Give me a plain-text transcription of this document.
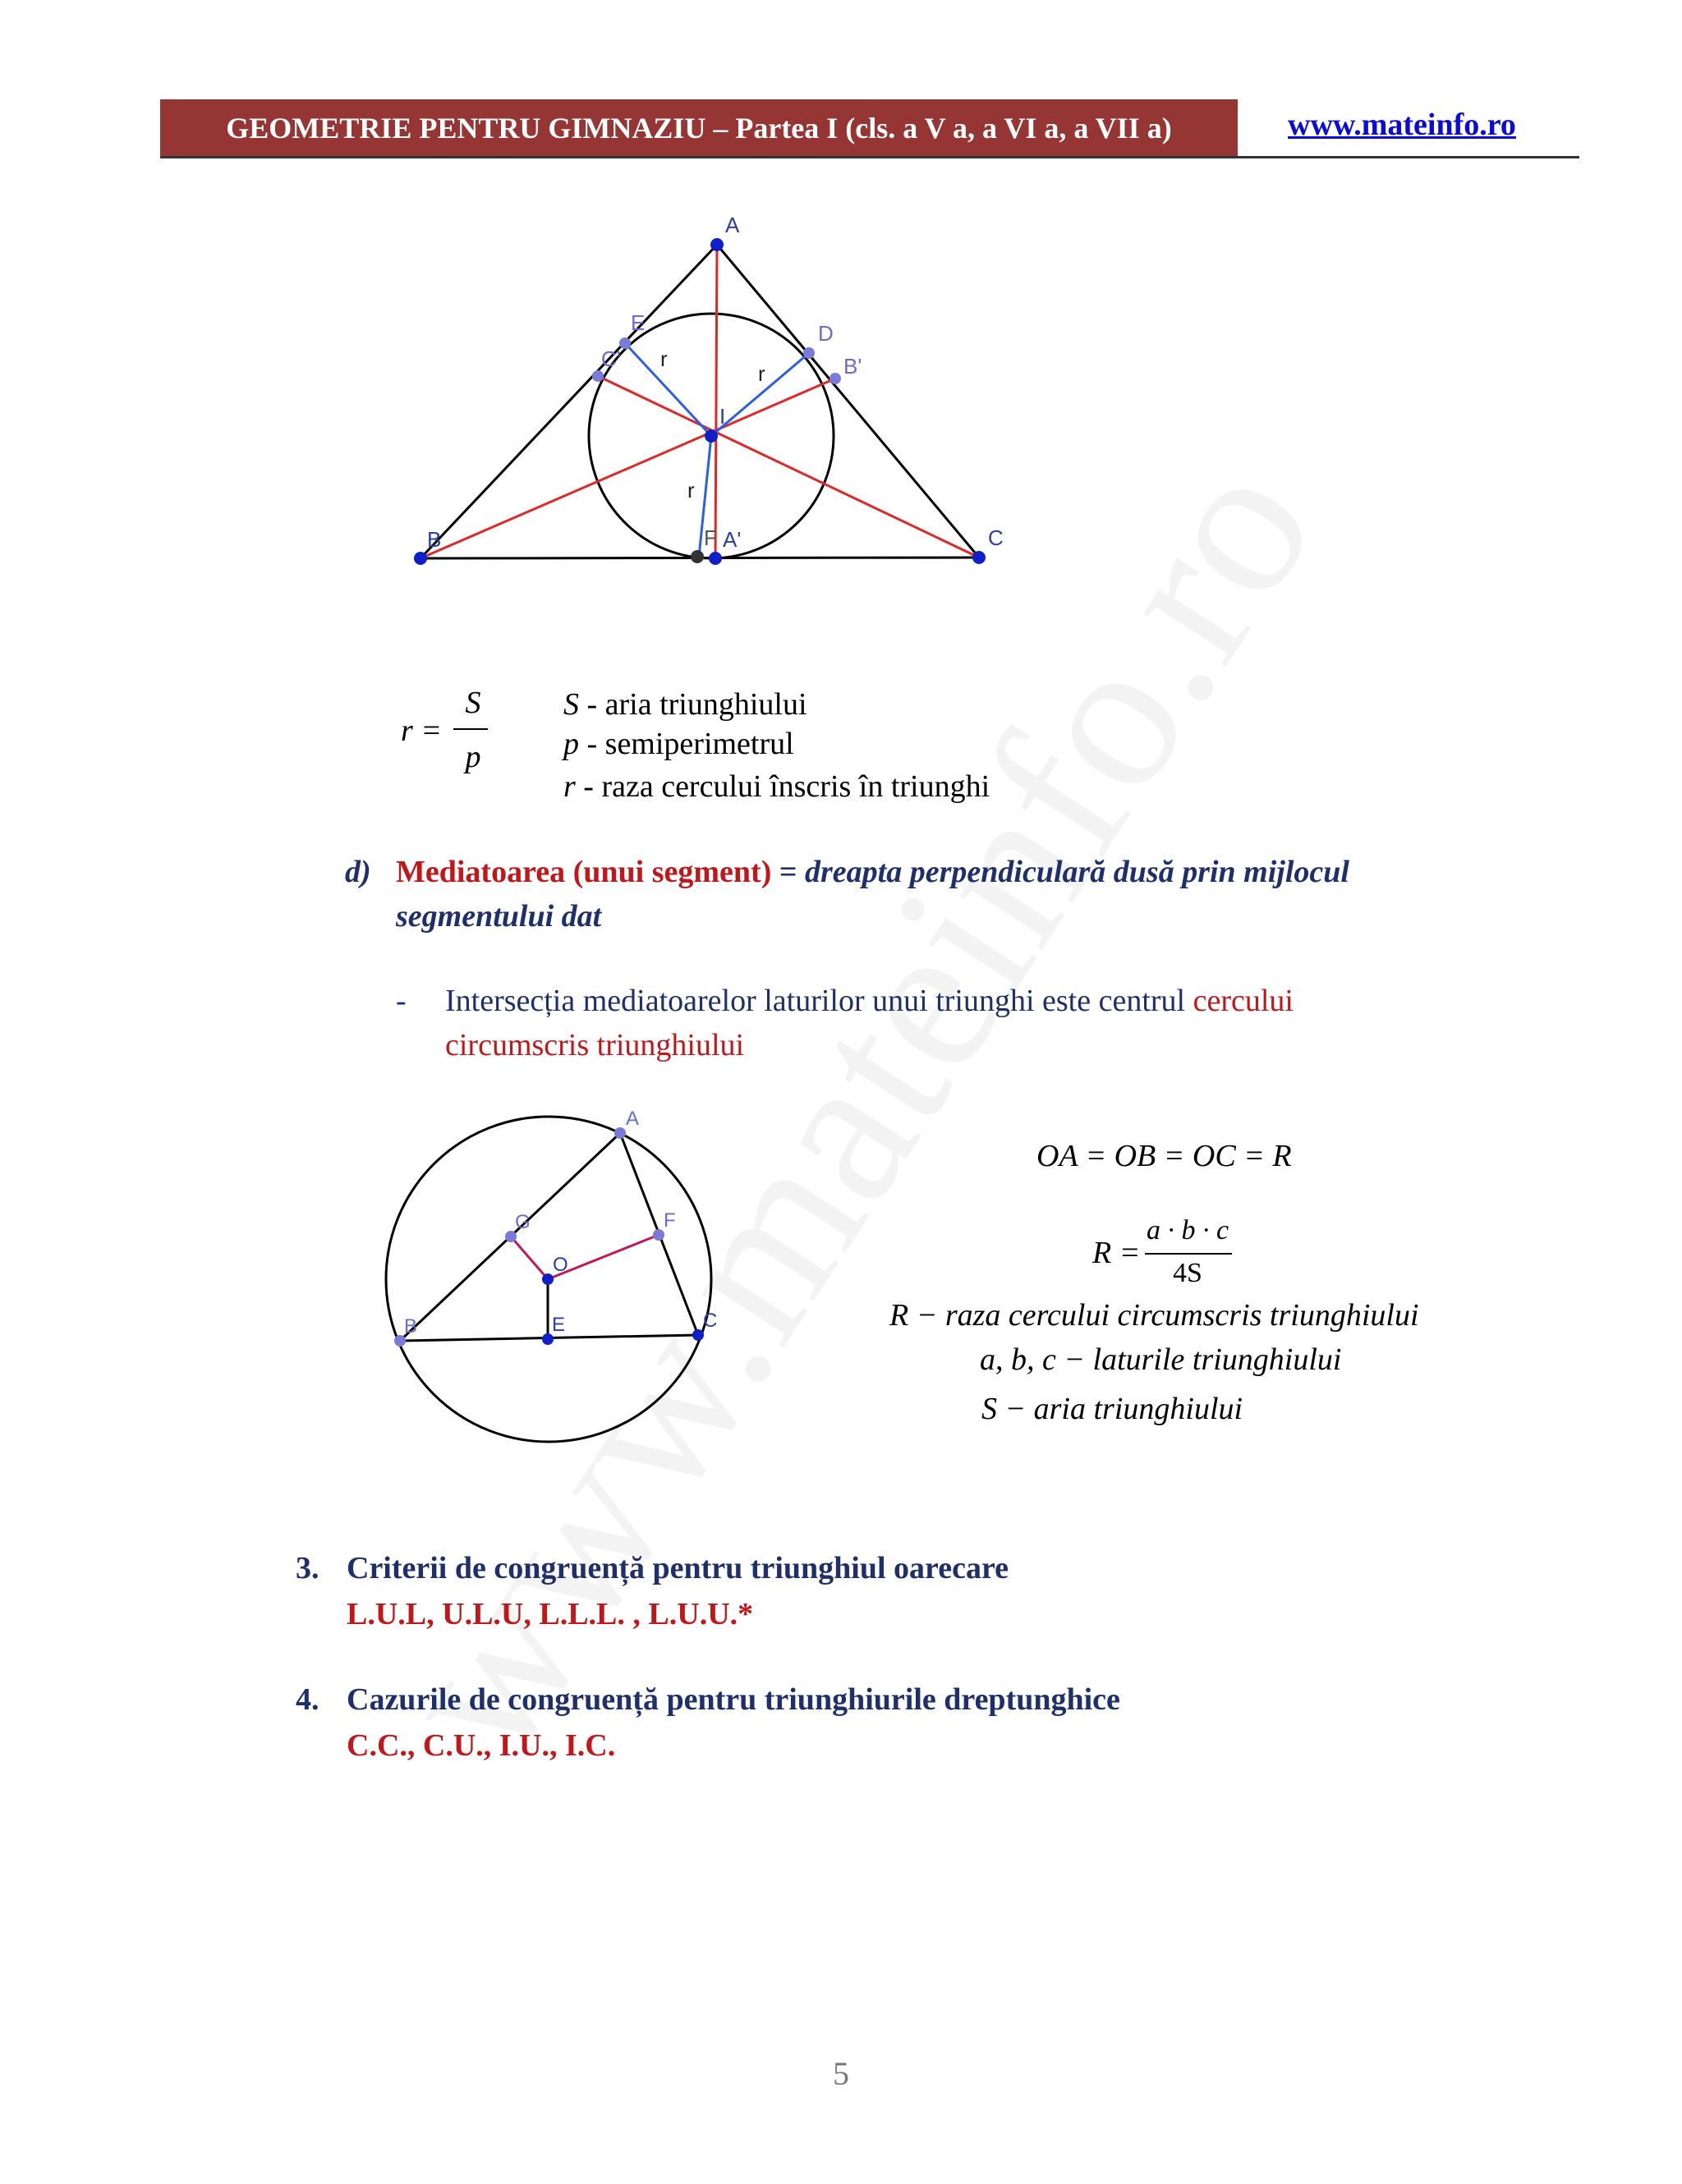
GEOMETRIE PENTRU GIMNAZIU – Partea I (cls. a V a, a VI a, a VII a)	www.mateinfo.ro
A
B	C
D
E
C'	B'
I
F A'
r
r
r
r =
S
p
S - aria triunghiului
p - semiperimetrul
r - raza cercului înscris în triunghi
d) Mediatoarea (unui segment) = dreapta perpendiculară dusă prin mijlocul
segmentului dat
- Intersecția mediatoarelor laturilor unui triunghi este centrul cercului
circumscris triunghiului
A
B	C
G	F
O
E
OA = OB = OC = R
R =
a · b · c
4S
R − raza cercului circumscris triunghiului
a, b, c − laturile triunghiului
S − aria triunghiului
3. Criterii de congruență pentru triunghiul oarecare
L.U.L, U.L.U, L.L.L. , L.U.U.*
4. Cazurile de congruență pentru triunghiurile dreptunghice
C.C., C.U., I.U., I.C.
5
